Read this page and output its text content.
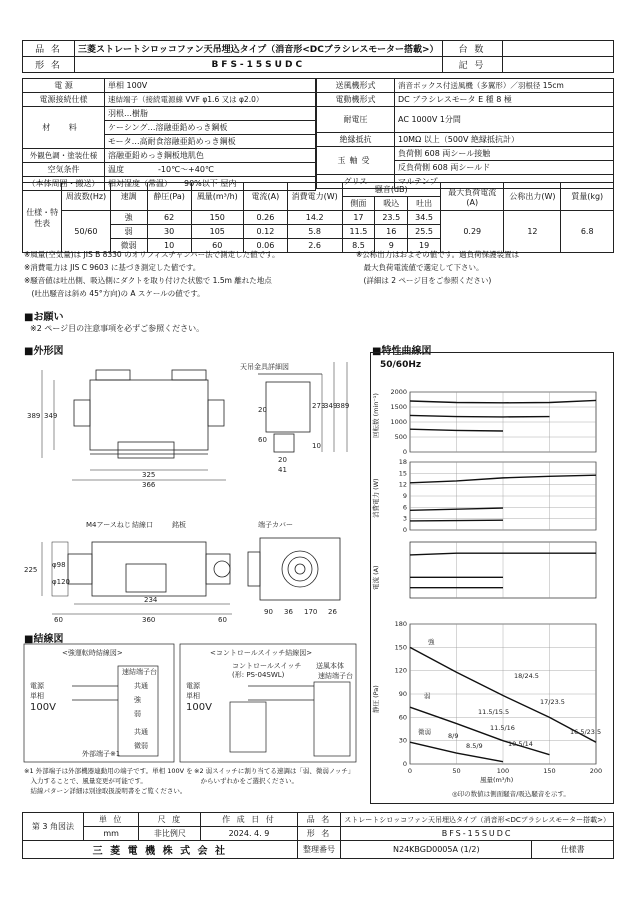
品 名	三菱ストレートシロッコファン天吊埋込タイプ（消音形<DCブラシレスモーター搭載>）	台 数	
形 名	BFS-15SUDC	記 号	
電 源	単相 100V
電源接続仕様	速結端子（接続電源線 VVF φ1.6 又は φ2.0）
材 料	羽根…樹脂
	ケーシング…溶融亜鉛めっき鋼板
	モータ…高耐食溶融亜鉛めっき鋼板
外観色調・塗装仕様	溶融亜鉛めっき鋼板地肌色
空気条件	温度 -10℃～+40℃
（本体周囲・搬送）	相対湿度（常温） 90%以下 屋内
送風機形式	消音ボックス付送風機（多翼形）／羽根径 15cm
電動機形式	DC ブラシレスモータ E 種 8 極
耐電圧	AC 1000V 1分間
絶縁抵抗	10MΩ 以上（500V 絶縁抵抗計）
玉軸受	負荷側 608 両シール接触
	反負荷側 608 両シールド
グリス	マルテンプ
仕様・特性表	周波数(Hz)	速調	静圧(Pa)	風量(m³/h)	電流(A)	消費電力(W)	騒音(dB)			最大負荷電流(A)	公称出力(W)	質量(kg)
							側面	吸込	吐出			
	50/60	強	62	150	0.26	14.2	17	23.5	34.5	0.29	12	6.8
		弱	30	105	0.12	5.8	11.5	16	25.5			
		微弱	10	60	0.06	2.6	8.5	9	19			
※風量(空気量)は JIS B 8330 のオリフィスチャンバー法で測定した値です。
※消費電力は JIS C 9603 に基づき測定した値です。
※騒音値は吐出側、吸込側にダクトを取り付けた状態で 1.5m 離れた地点
　(吐出騒音は斜め 45°方向)の A スケールの値です。
※公称出力はおよその値です。過負荷保護装置は
　最大負荷電流値で選定して下さい。
　(詳細は 2 ページ目をご参照ください)
■お願い
※2 ページ目の注意事項を必ずご参照ください。
■外形図	■特性曲線図
325
366
389 349
273
349
389
20
60
10
20
41
天吊金具詳細図
M4アースねじ 結線口	銘板	端子カバー
225
φ98
φ120
234
60	360	60
90 36 170 26
■結線図
<強運転時結線図>	<コントロールスイッチ結線図>
電源
単相
100V
電源
単相
100V
速結端子台
共通
強
弱
共通
微弱
外部端子※1
コントロールスイッチ
(形: PS-04SWL)
送風本体
速結端子台
※1 外部端子は外部機器連動用の端子です。単相 100V を
　入力することで、風量変更が可能です。
　結線パターン詳細は別途取扱説明書をご覧ください。
※2 弱スイッチに割り当てる速調は「弱、微弱ノッチ」
　からいずれかをご選択ください。
50/60Hz
0
500
1000
1500
2000
0
3
6
9
12
15
18
0
30
60
90
120
150
180
0	50	100	150	200
回転数 (min⁻¹)
消費電力 (W)
電流 (A)
静圧 (Pa)
風量(m³/h)
◎印の数値は側面騒音/吸込騒音を示す。
強
弱
微弱
18/24.5
17/23.5
11.5/15.5
11.5/16	16.5/23.5
10.5/14
8/9
8.5/9
第 3 角図法	単 位	尺 度	作 成 日 付	品 名	ストレートシロッコファン天吊埋込タイプ（消音形<DCブラシレスモーター搭載>）	
	mm	非比例尺	2024. 4. 9	形 名	BFS-15SUDC	
三 菱 電 機 株 式 会 社				整理番号	N24KBGD0005A (1/2)	仕様書
